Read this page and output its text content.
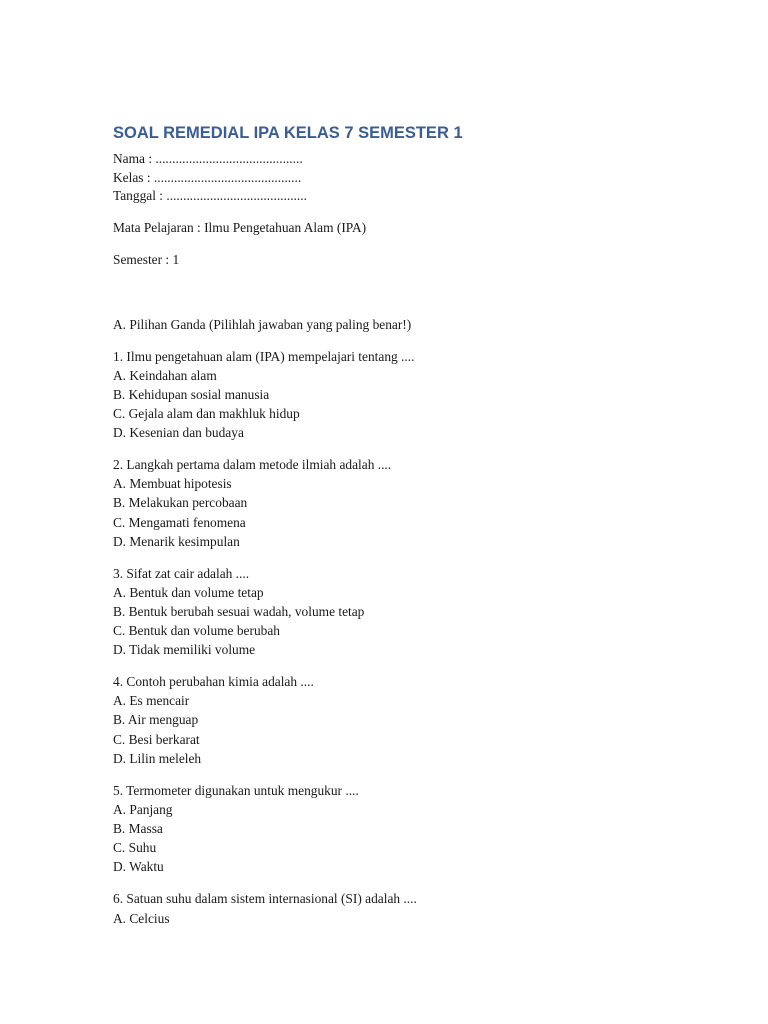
SOAL REMEDIAL IPA KELAS 7 SEMESTER 1
Nama : ............................................
Kelas : ............................................
Tanggal : ..........................................
Mata Pelajaran : Ilmu Pengetahuan Alam (IPA)
Semester : 1
A. Pilihan Ganda (Pilihlah jawaban yang paling benar!)
1. Ilmu pengetahuan alam (IPA) mempelajari tentang ....
A. Keindahan alam
B. Kehidupan sosial manusia
C. Gejala alam dan makhluk hidup
D. Kesenian dan budaya
2. Langkah pertama dalam metode ilmiah adalah ....
A. Membuat hipotesis
B. Melakukan percobaan
C. Mengamati fenomena
D. Menarik kesimpulan
3. Sifat zat cair adalah ....
A. Bentuk dan volume tetap
B. Bentuk berubah sesuai wadah, volume tetap
C. Bentuk dan volume berubah
D. Tidak memiliki volume
4. Contoh perubahan kimia adalah ....
A. Es mencair
B. Air menguap
C. Besi berkarat
D. Lilin meleleh
5. Termometer digunakan untuk mengukur ....
A. Panjang
B. Massa
C. Suhu
D. Waktu
6. Satuan suhu dalam sistem internasional (SI) adalah ....
A. Celcius
